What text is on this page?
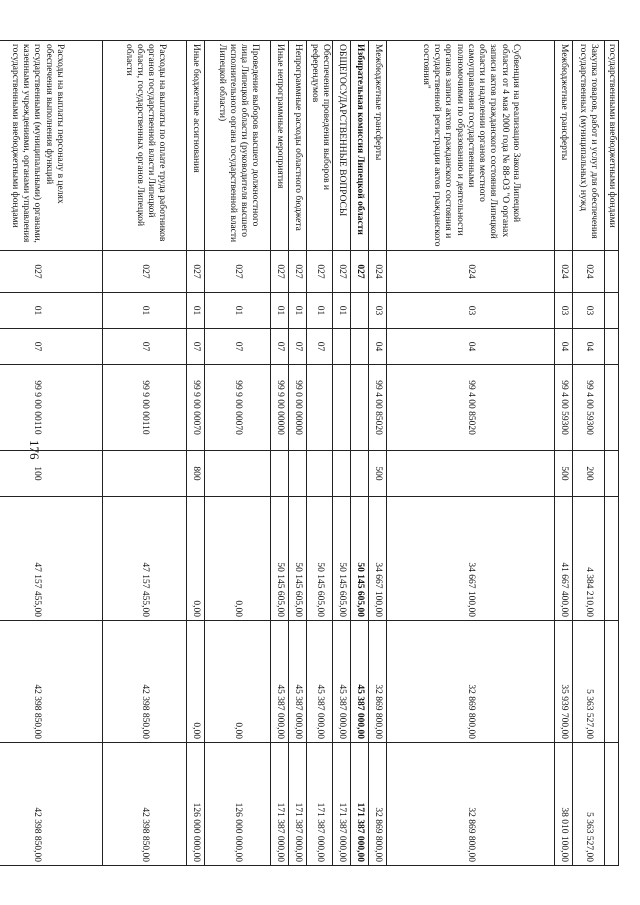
176
государственными внебюджетными фондами								
Закупка товаров, работ и услуг для обеспечения государственных (муниципальных) нужд	024	03	04	99 4 00 59300	200	4 384 210,00	5 363 527,00	5 363 527,00
Межбюджетные трансферты	024	03	04	99 4 00 59300	500	41 667 400,00	35 939 700,00	38 010 100,00
Субвенция на реализацию Закона Липецкой области от 4 мая 2000 года № 88-ОЗ "О органах записи актов гражданского состояния Липецкой области и наделении органов местного самоуправления государственными полномочиями по образованию и деятельности органов записи актов гражданского состояния и государственной регистрации актов гражданского состояния"	024	03	04	99 4 00 85020		34 667 100,00	32 869 800,00	32 869 800,00
Межбюджетные трансферты	024	03	04	99 4 00 85020	500	34 667 100,00	32 869 800,00	32 869 800,00
Избирательная комиссия Липецкой области	027					50 145 605,00	45 387 000,00	171 387 000,00
ОБЩЕГОСУДАРСТВЕННЫЕ ВОПРОСЫ	027	01				50 145 605,00	45 387 000,00	171 387 000,00
Обеспечение проведения выборов и референдумов	027	01	07			50 145 605,00	45 387 000,00	171 387 000,00
Непрограммные расходы областного бюджета	027	01	07	99 0 00 00000		50 145 605,00	45 387 000,00	171 387 000,00
Иные непрограммные мероприятия	027	01	07	99 9 00 00000		50 145 605,00	45 387 000,00	171 387 000,00
Проведение выборов высшего должностного лица Липецкой области (руководителя высшего исполнительного органа государственной власти Липецкой области)	027	01	07	99 9 00 00070		0,00	0,00	126 000 000,00
Иные бюджетные ассигнования	027	01	07	99 9 00 00070	800	0,00	0,00	126 000 000,00
Расходы на выплаты по оплате труда работников органов государственной власти Липецкой области, государственных органов Липецкой области	027	01	07	99 9 00 00110		47 157 455,00	42 398 850,00	42 398 850,00
Расходы на выплаты персоналу в целях обеспечения выполнения функций государственными (муниципальными) органами, казенными учреждениями, органами управления государственными внебюджетными фондами	027	01	07	99 9 00 00110	100	47 157 455,00	42 398 850,00	42 398 850,00
